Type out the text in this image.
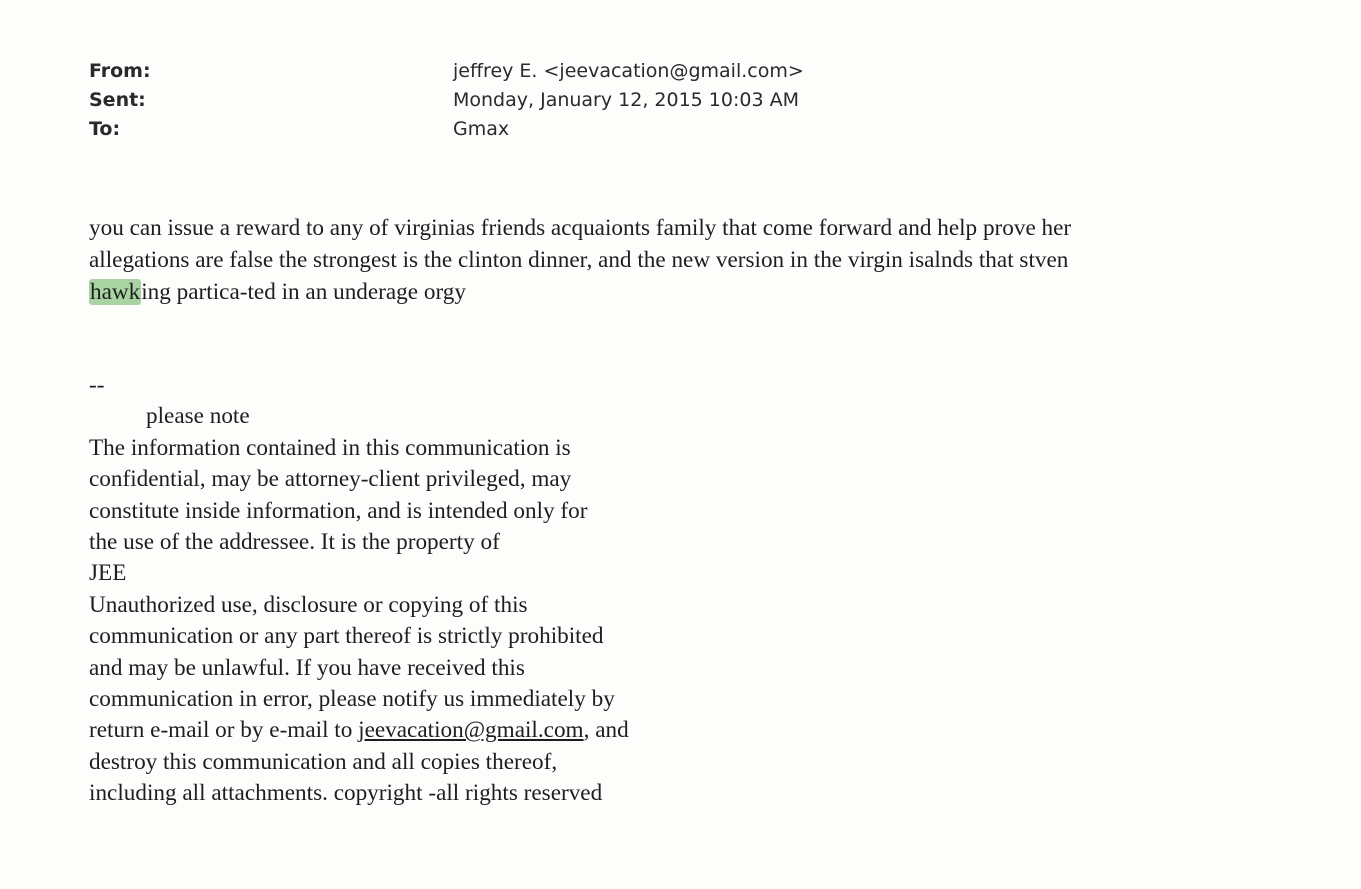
From:	jeffrey E. <jeevacation@gmail.com>
Sent:	Monday, January 12, 2015 10:03 AM
To:	Gmax
you can issue a reward to any of virginias friends acquaionts family that come forward and help prove her
allegations are false the strongest is the clinton dinner, and the new version in the virgin isalnds that stven
hawking partica-ted in an underage orgy
--
please note
The information contained in this communication is
confidential, may be attorney-client privileged, may
constitute inside information, and is intended only for
the use of the addressee. It is the property of
JEE
Unauthorized use, disclosure or copying of this
communication or any part thereof is strictly prohibited
and may be unlawful. If you have received this
communication in error, please notify us immediately by
return e-mail or by e-mail to jeevacation@gmail.com, and
destroy this communication and all copies thereof,
including all attachments. copyright -all rights reserved
